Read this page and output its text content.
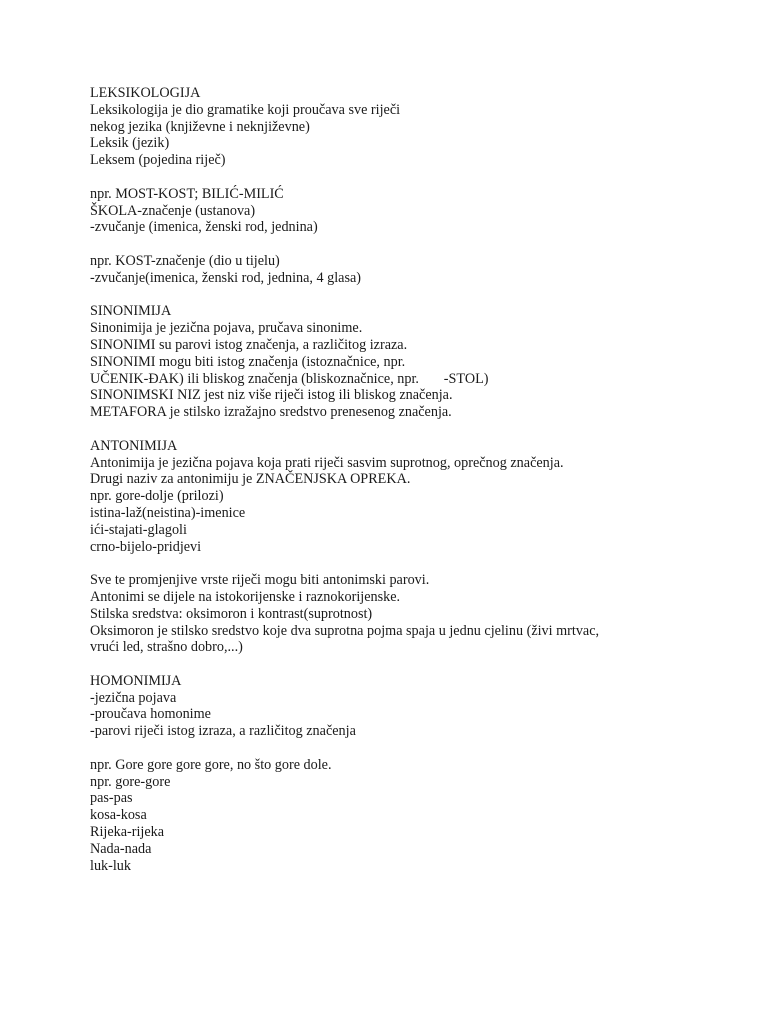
LEKSIKOLOGIJA
Leksikologija je dio gramatike koji proučava sve riječi
nekog jezika (književne i neknjiževne)
Leksik (jezik)
Leksem (pojedina riječ)
npr. MOST-KOST; BILIĆ-MILIĆ
ŠKOLA-značenje (ustanova)
-zvučanje (imenica, ženski rod, jednina)
npr. KOST-značenje (dio u tijelu)
-zvučanje(imenica, ženski rod, jednina, 4 glasa)
SINONIMIJA
Sinonimija je jezična pojava, pručava sinonime.
SINONIMI su parovi istog značenja, a različitog izraza.
SINONIMI mogu biti istog značenja (istoznačnice, npr.
UČENIK-ĐAK) ili bliskog značenja (bliskoznačnice, npr.       -STOL)
SINONIMSKI NIZ jest niz više riječi istog ili bliskog značenja.
METAFORA je stilsko izražajno sredstvo prenesenog značenja.
ANTONIMIJA
Antonimija je jezična pojava koja prati riječi sasvim suprotnog, oprečnog značenja.
Drugi naziv za antonimiju je ZNAČENJSKA OPREKA.
npr. gore-dolje (prilozi)
istina-laž(neistina)-imenice
ići-stajati-glagoli
crno-bijelo-pridjevi
Sve te promjenjive vrste riječi mogu biti antonimski parovi.
Antonimi se dijele na istokorijenske i raznokorijenske.
Stilska sredstva: oksimoron i kontrast(suprotnost)
Oksimoron je stilsko sredstvo koje dva suprotna pojma spaja u jednu cjelinu (živi mrtvac,
vrući led, strašno dobro,...)
HOMONIMIJA
-jezična pojava
-proučava homonime
-parovi riječi istog izraza, a različitog značenja
npr. Gore gore gore gore, no što gore dole.
npr. gore-gore
pas-pas
kosa-kosa
Rijeka-rijeka
Nada-nada
luk-luk
